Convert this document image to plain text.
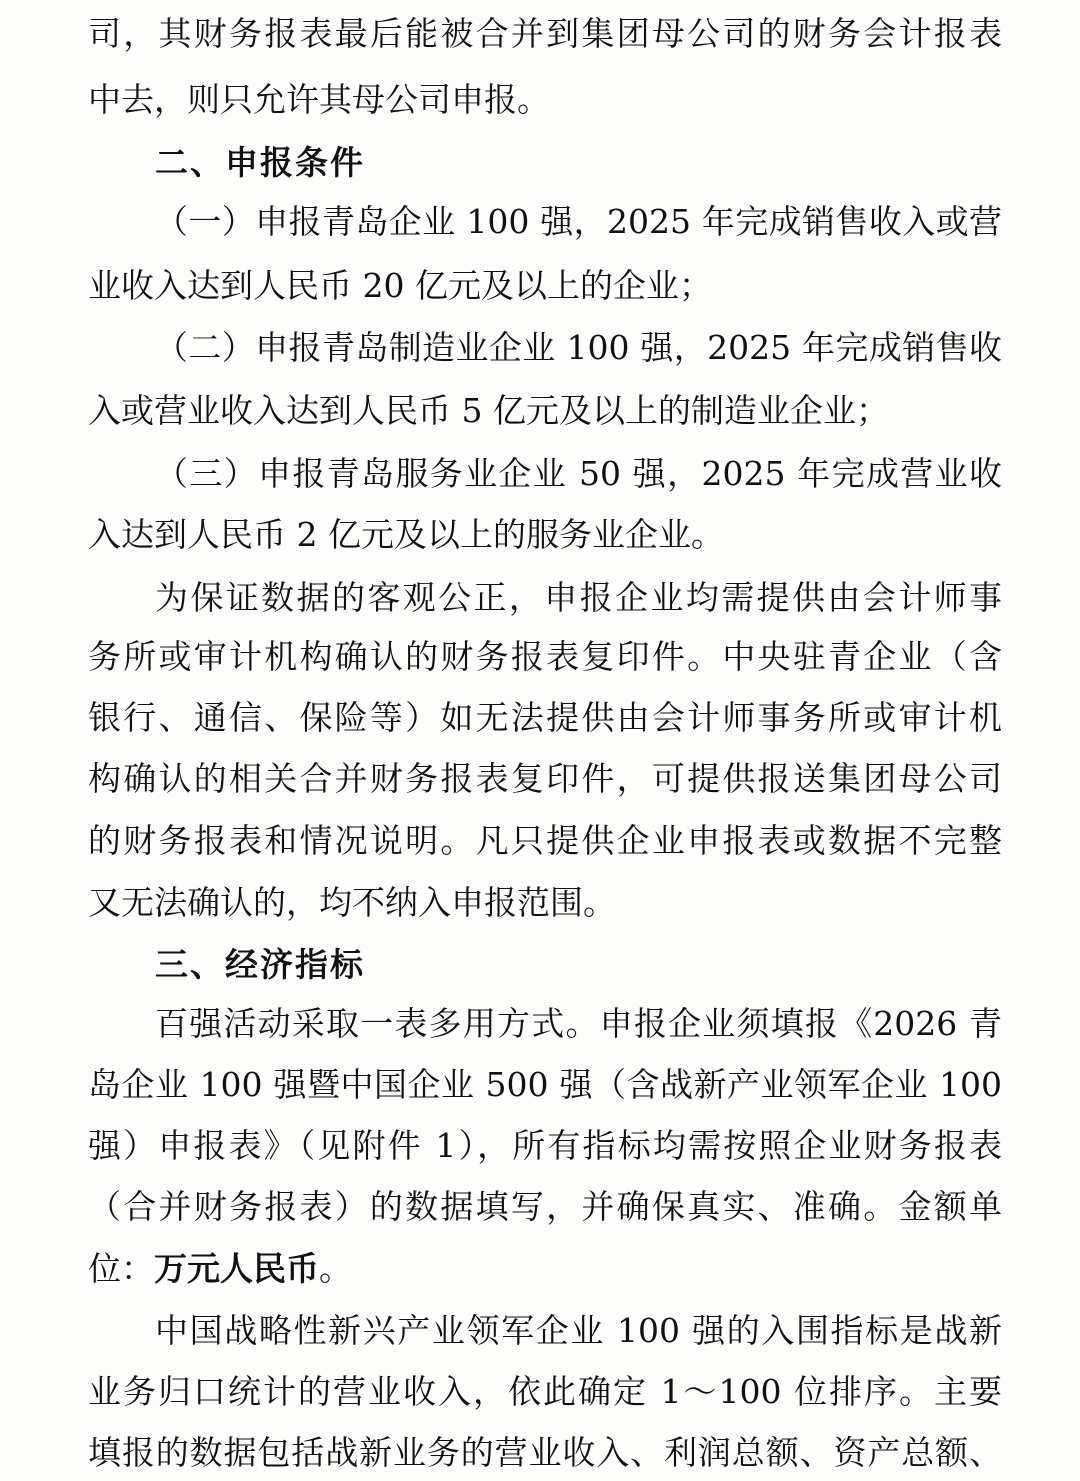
司，其财务报表最后能被合并到集团母公司的财务会计报表
中去，则只允许其母公司申报。
二、申报条件
（一）申报青岛企业 100 强，2025 年完成销售收入或营
业收入达到人民币 20 亿元及以上的企业；
（二）申报青岛制造业企业 100 强，2025 年完成销售收
入或营业收入达到人民币 5 亿元及以上的制造业企业；
（三）申报青岛服务业企业 50 强，2025 年完成营业收
入达到人民币 2 亿元及以上的服务业企业。
为保证数据的客观公正，申报企业均需提供由会计师事
务所或审计机构确认的财务报表复印件。中央驻青企业（含
银行、通信、保险等）如无法提供由会计师事务所或审计机
构确认的相关合并财务报表复印件，可提供报送集团母公司
的财务报表和情况说明。凡只提供企业申报表或数据不完整
又无法确认的，均不纳入申报范围。
三、经济指标
百强活动采取一表多用方式。申报企业须填报《2026 青
岛企业 100 强暨中国企业 500 强（含战新产业领军企业 100
强）申报表》（见附件 1），所有指标均需按照企业财务报表
（合并财务报表）的数据填写，并确保真实、准确。金额单
位：万元人民币。
中国战略性新兴产业领军企业 100 强的入围指标是战新
业务归口统计的营业收入，依此确定 1～100 位排序。主要
填报的数据包括战新业务的营业收入、利润总额、资产总额、
